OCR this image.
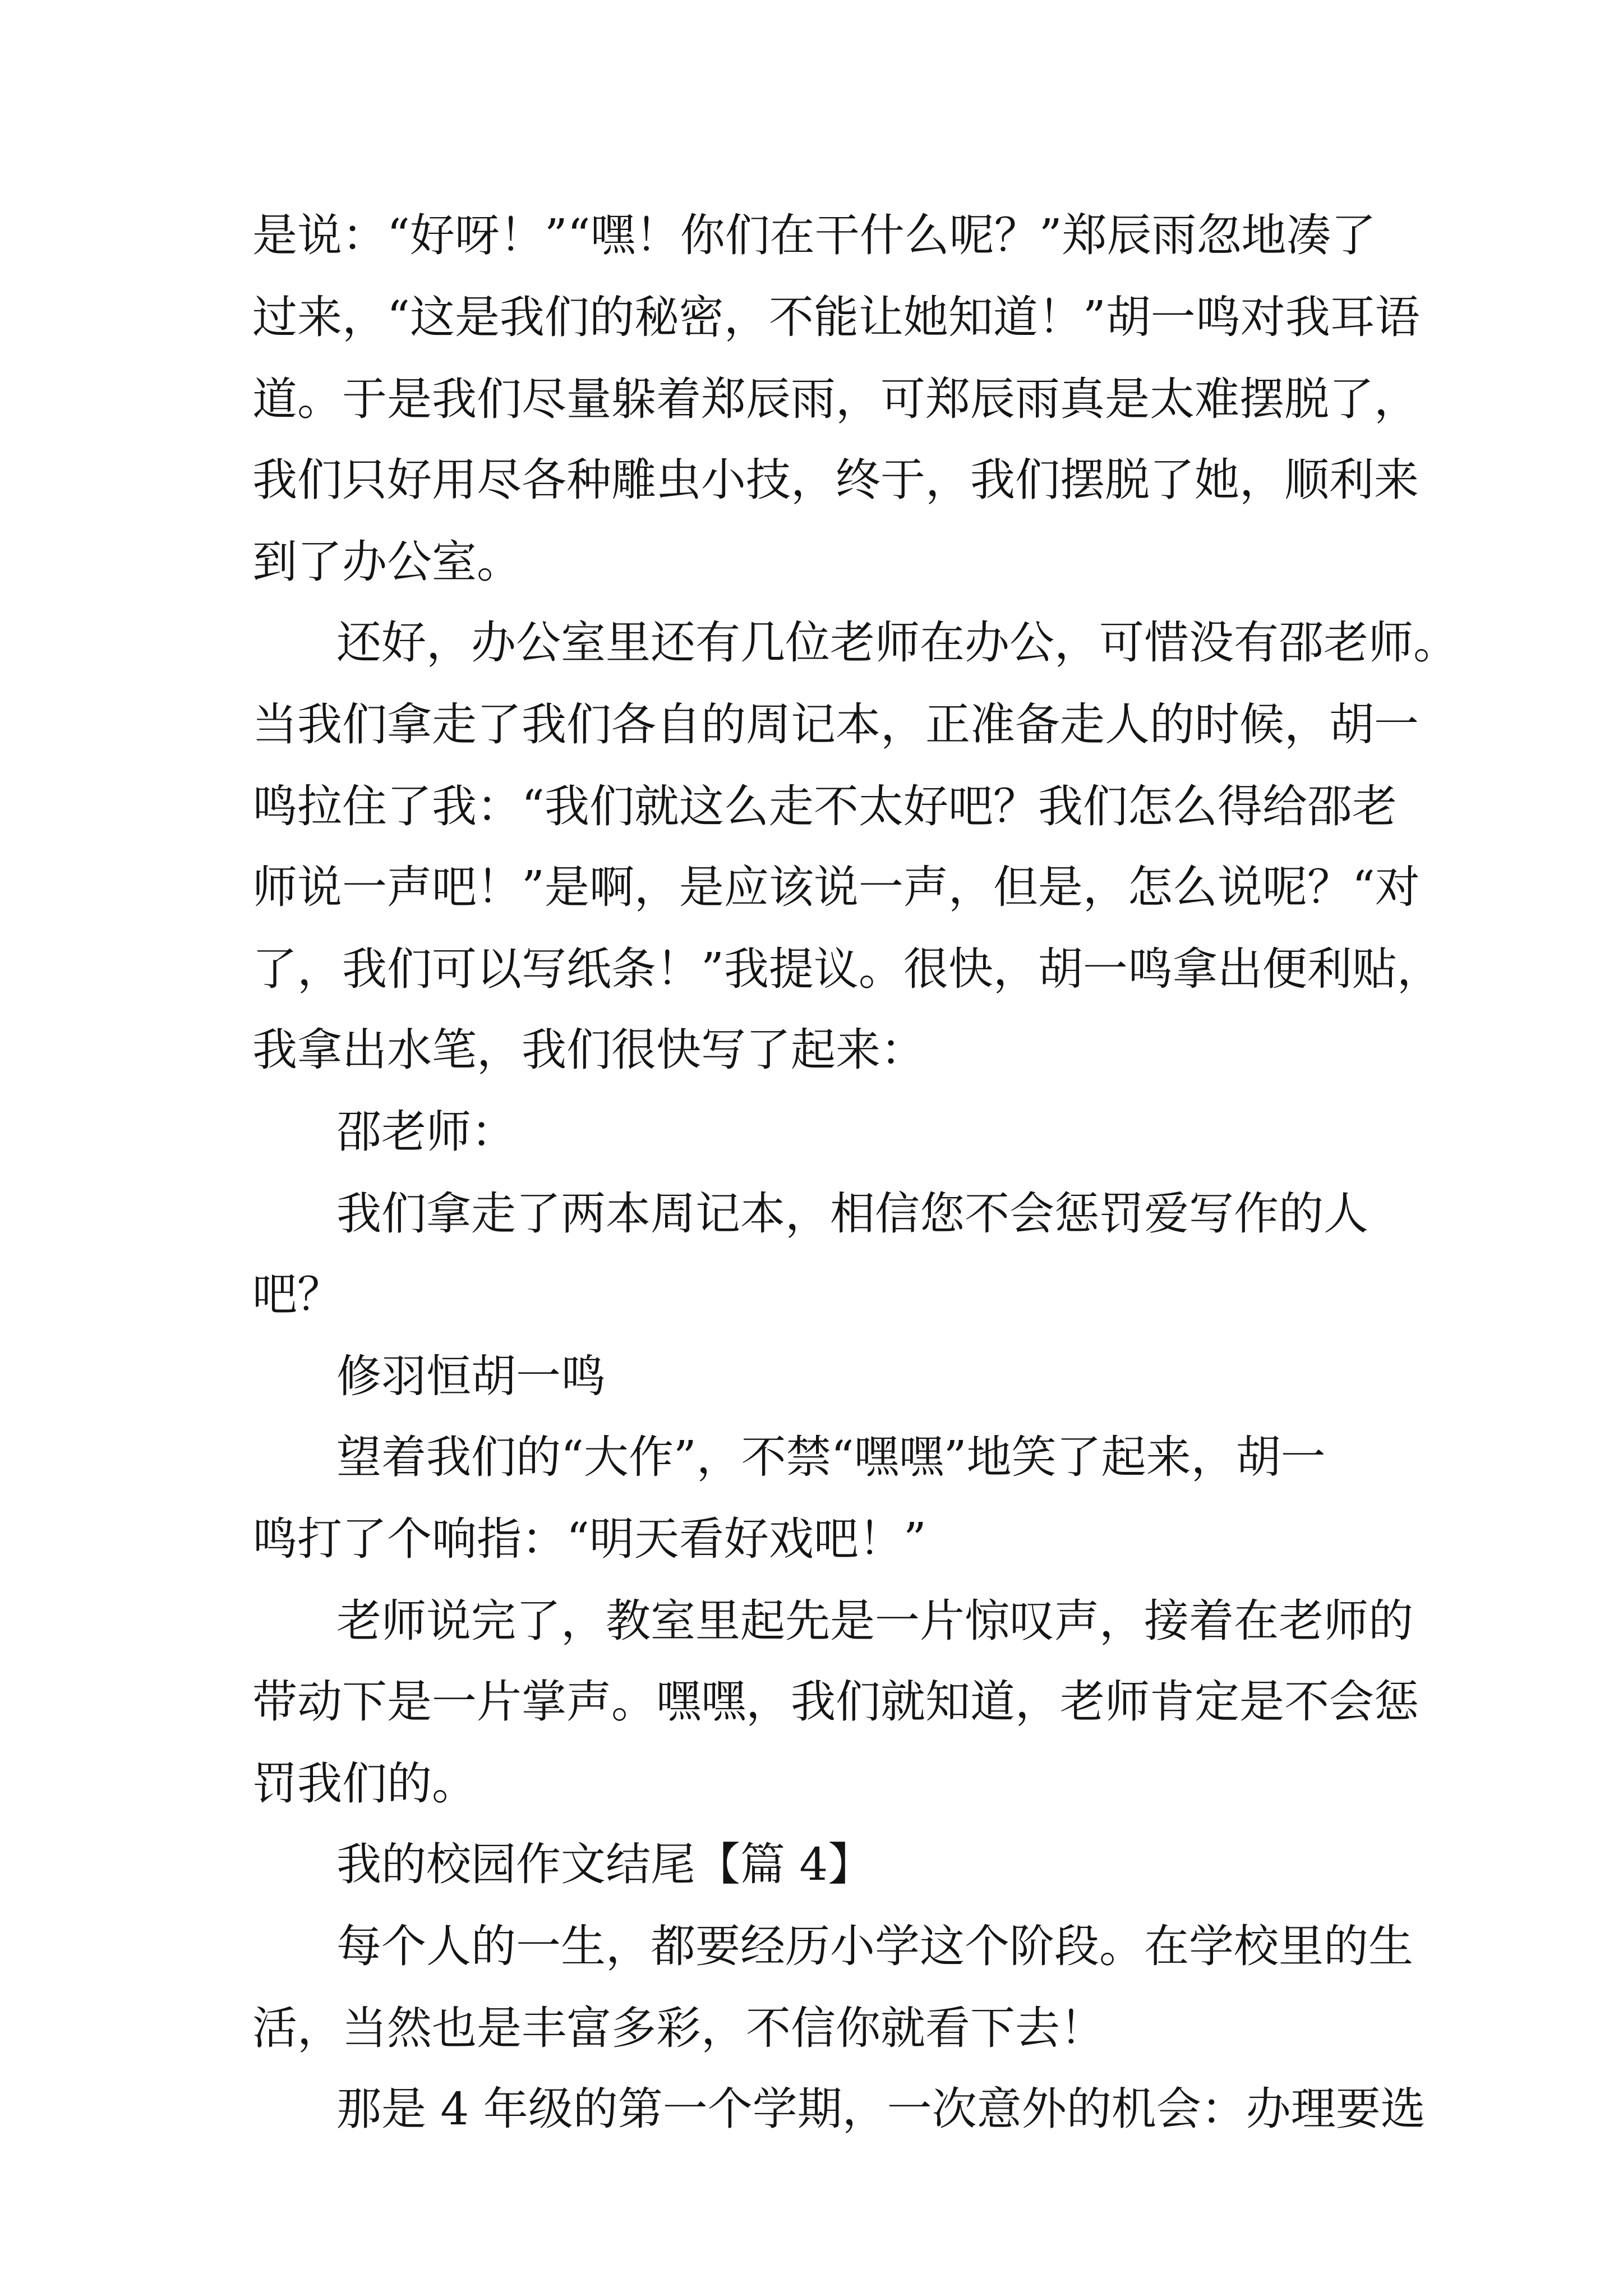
是说：“好呀！”“嘿！你们在干什么呢？”郑辰雨忽地凑了
过来，“这是我们的秘密，不能让她知道！”胡一鸣对我耳语
道。于是我们尽量躲着郑辰雨，可郑辰雨真是太难摆脱了，
我们只好用尽各种雕虫小技，终于，我们摆脱了她，顺利来
到了办公室。
还好，办公室里还有几位老师在办公，可惜没有邵老师。
当我们拿走了我们各自的周记本，正准备走人的时候，胡一
鸣拉住了我：“我们就这么走不太好吧？我们怎么得给邵老
师说一声吧！”是啊，是应该说一声，但是，怎么说呢？“对
了，我们可以写纸条！”我提议。很快，胡一鸣拿出便利贴，
我拿出水笔，我们很快写了起来：
邵老师：
我们拿走了两本周记本，相信您不会惩罚爱写作的人
吧？
修羽恒胡一鸣
望着我们的“大作”，不禁“嘿嘿”地笑了起来，胡一
鸣打了个响指：“明天看好戏吧！”
老师说完了，教室里起先是一片惊叹声，接着在老师的
带动下是一片掌声。嘿嘿，我们就知道，老师肯定是不会惩
罚我们的。
我的校园作文结尾【篇 4】
每个人的一生，都要经历小学这个阶段。在学校里的生
活，当然也是丰富多彩，不信你就看下去！
那是 4 年级的第一个学期，一次意外的机会：办理要选
